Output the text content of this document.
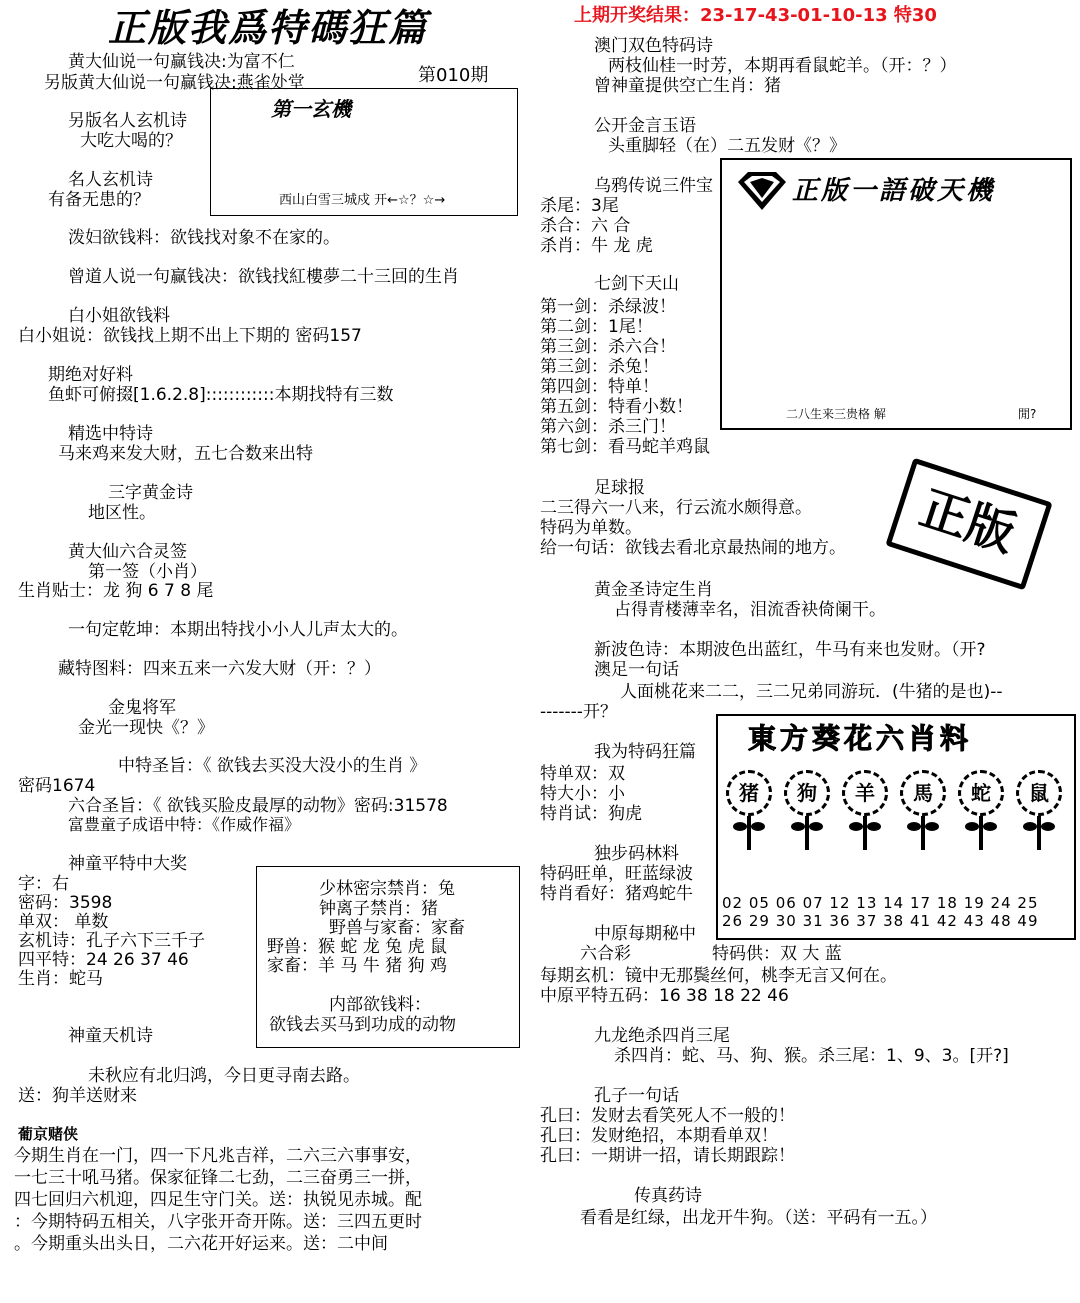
正版我爲特碼狂篇	上期开奖结果：23-17-43-01-10-13 特30
第010期
黄大仙说一句赢钱决:为富不仁
另版黄大仙说一句赢钱决:燕雀处堂
第一玄機
西山白雪三城戍 开←☆？☆→
另版名人玄机诗
大吃大喝的？
名人玄机诗
有备无患的？
泼妇欲钱料：欲钱找对象不在家的。
曾道人说一句赢钱决：欲钱找紅樓夢二十三回的生肖
白小姐欲钱料
白小姐说：欲钱找上期不出上下期的 密码157
期绝对好料
鱼虾可俯掇[1.6.2.8]::::::::::::本期找特有三数
精选中特诗
马来鸡来发大财，五七合数来出特
三字黄金诗
地区性。
黄大仙六合灵签
第一签（小肖）
生肖贴士：龙 狗 6 7 8 尾
一句定乾坤：本期出特找小小人儿声太大的。
藏特图料：四来五来一六发大财（开：？）
金鬼将军
金光一现快《？》
中特圣旨：《 欲钱去买没大没小的生肖 》
密码1674
六合圣旨：《 欲钱买脸皮最厚的动物》密码:31578
富豊童子成语中特：《作威作福》
神童平特中大奖
字：右
密码：3598
单双： 单数
玄机诗：孔子六下三千子
四平特：24 26 37 46
生肖：蛇马
少林密宗禁肖：兔
钟离子禁肖：猪
野兽与家畜：家畜
野兽：猴 蛇 龙 兔 虎 鼠
家畜：羊 马 牛 猪 狗 鸡
内部欲钱料：
欲钱去买马到功成的动物
神童天机诗
未秋应有北归鸿，今日更寻南去路。
送：狗羊送财来
葡京赌侠
今期生肖在一门，四一下凡兆吉祥，二六三六事事安，
一七三十吼马猪。保家征锋二七劲，二三奋勇三一拼，
四七回归六机迎，四足生守门关。送：执锐见赤城。配
：今期特码五相关，八字张开奇开陈。送：三四五更时
。今期重头出头日，二六花开好运来。送：二中间
澳门双色特码诗
两枝仙桂一时芳，本期再看鼠蛇羊。（开：？）
曾神童提供空亡生肖：猪
公开金言玉语
头重脚轻（在）二五发财《？》
乌鸦传说三件宝
杀尾：3尾
杀合：六 合
杀肖：牛 龙 虎
正版一語破天機
二八生来三贵格 解	閒?
七剑下天山
第一剑：杀绿波！
第二剑：1尾！
第三剑：杀六合！
第三剑：杀兔！
第四剑：特单！
第五剑：特看小数！
第六剑：杀三门！
第七剑：看马蛇羊鸡鼠
正版
足球报
二三得六一八来，行云流水颇得意。
特码为单数。
给一句话：欲钱去看北京最热闹的地方。
黄金圣诗定生肖
占得青楼薄幸名，泪流香袂倚阑干。
新波色诗：本期波色出蓝红，牛马有来也发财。（开?
澳足一句话
人面桃花来二二，三二兄弟同游玩．(牛猪的是也)--
-------开？
東方葵花六肖料
猪	狗	羊	馬	蛇	鼠
02 05 06 07 12 13 14 17 18 19 24 25
26 29 30 31 36 37 38 41 42 43 48 49
我为特码狂篇
特单双：双
特大小：小
特肖试：狗虎
独步码林料
特码旺单，旺蓝绿波
特肖看好：猪鸡蛇牛
中原每期秘中
六合彩	特码供：双 大 蓝
每期玄机：镜中无那鬓丝何，桃李无言又何在。
中原平特五码：16 38 18 22 46
九龙绝杀四肖三尾
杀四肖：蛇、马、狗、猴。杀三尾：1、9、3。[开?]
孔子一句话
孔曰：发财去看笑死人不一般的！
孔曰：发财绝招，本期看单双！
孔曰：一期讲一招，请长期跟踪！
传真药诗
看看是红绿，出龙开牛狗。（送：平码有一五。）
